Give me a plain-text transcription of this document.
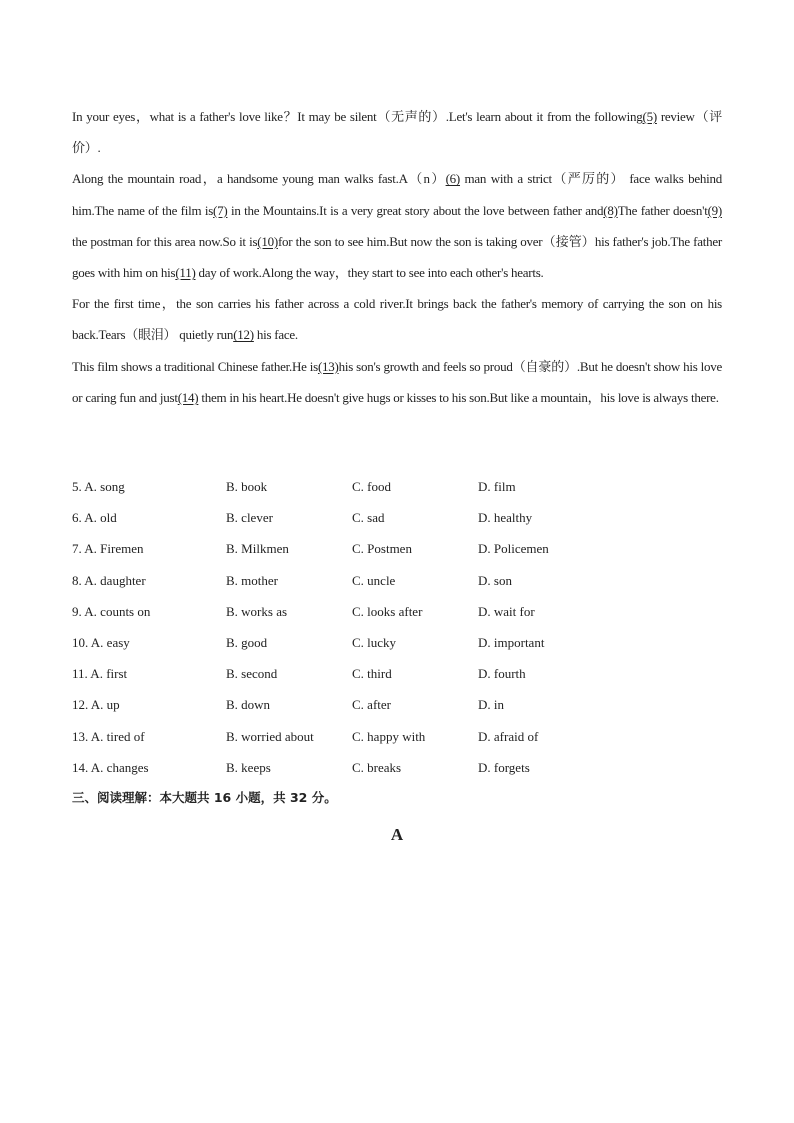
In your eyes，what is a father's love like？It may be silent（无声的）.Let's learn about it from the following(5) review（评价）.

Along the mountain road，a handsome young man walks fast.A（n）(6) man with a strict（严厉的） face walks behind him.The name of the film is(7) in the Mountains.It is a very great story about the love between father and(8)The father doesn't(9) the postman for this area now.So it is(10)for the son to see him.But now the son is taking over（接管）his father's job.The father goes with him on his(11) day of work.Along the way，they start to see into each other's hearts.

For the first time，the son carries his father across a cold river.It brings back the father's memory of carrying the son on his back.Tears（眼泪） quietly run(12) his face.

This film shows a traditional Chinese father.He is(13)his son's growth and feels so proud（自豪的）.But he doesn't show his love or caring fun and just(14) them in his heart.He doesn't give hugs or kisses to his son.But like a mountain，his love is always there.

5. A. song	B. book	C. food	D. film
6. A. old	B. clever	C. sad	D. healthy
7. A. Firemen	B. Milkmen	C. Postmen	D. Policemen
8. A. daughter	B. mother	C. uncle	D. son
9. A. counts on	B. works as	C. looks after	D. wait for
10. A. easy	B. good	C. lucky	D. important
11. A. first	B. second	C. third	D. fourth
12. A. up	B. down	C. after	D. in
13. A. tired of	B. worried about	C. happy with	D. afraid of
14. A. changes	B. keeps	C. breaks	D. forgets
三、阅读理解：本大题共 16 小题，共 32 分。
A
